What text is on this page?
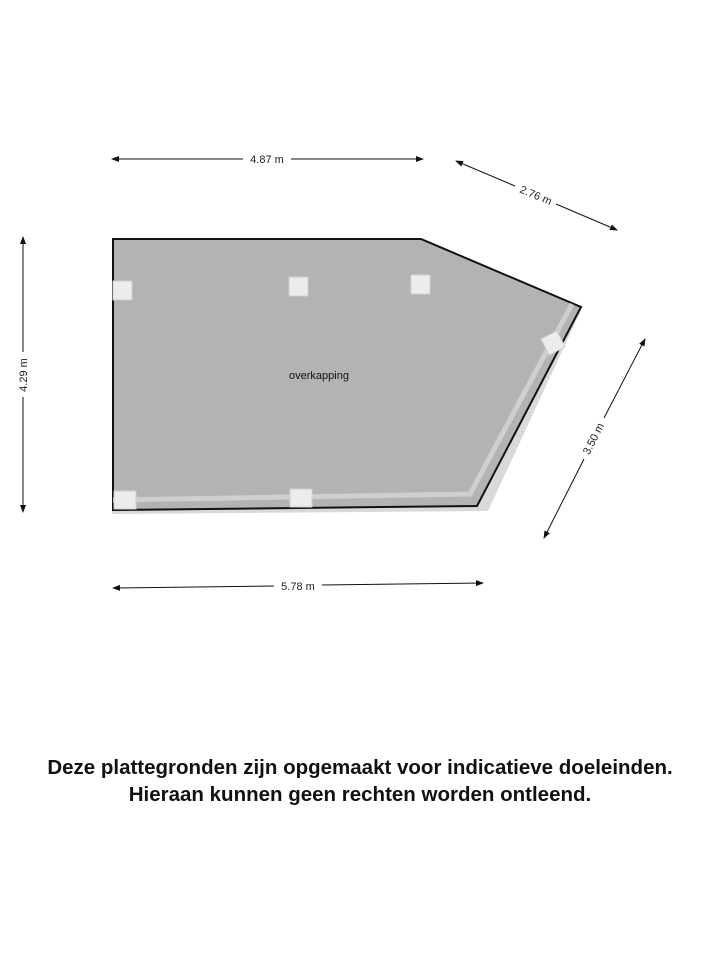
overkapping
4.87 m
2.76 m
4.29 m
3.50 m
5.78 m
Deze plattegronden zijn opgemaakt voor indicatieve doeleinden.
Hieraan kunnen geen rechten worden ontleend.
